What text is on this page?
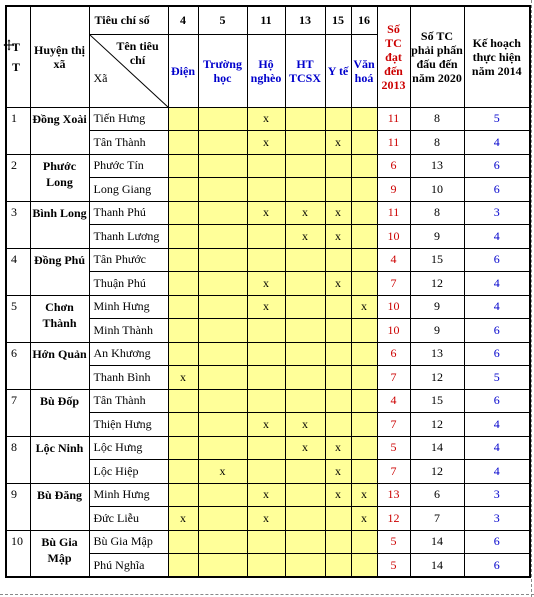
T
T	Huyện thị xã	Tiêu chí số	4	5	11	13	15	16	Số TC đạt đến 2013	Số TC phải phấn đấu đến năm 2020	Kế hoạch thực hiện năm 2014

		Tên tiêu chí
Xã	Điện	Trường học	Hộ nghèo	HT TCSX	Y tế	Văn hoá			
1	Đồng Xoài	Tiến Hưng			x				11	8	5
		Tân Thành			x		x		11	8	4
2	Phước Long	Phước Tín							6	13	6
		Long Giang							9	10	6
3	Bình Long	Thanh Phú			x	x	x		11	8	3
		Thanh Lương				x	x		10	9	4
4	Đồng Phú	Tân Phước							4	15	6
		Thuận Phú			x		x		7	12	4
5	Chơn Thành	Minh Hưng			x			x	10	9	4
		Minh Thành							10	9	6
6	Hớn Quản	An Khương							6	13	6
		Thanh Bình	x						7	12	5
7	Bù Đốp	Tân Thành							4	15	6
		Thiện Hưng			x	x			7	12	4
8	Lộc Ninh	Lộc Hưng				x	x		5	14	4
		Lộc Hiệp		x			x		7	12	4
9	Bù Đăng	Minh Hưng			x		x	x	13	6	3
		Đức Liễu	x		x			x	12	7	3
10	Bù Gia Mập	Bù Gia Mập							5	14	6
		Phú Nghĩa							5	14	6
